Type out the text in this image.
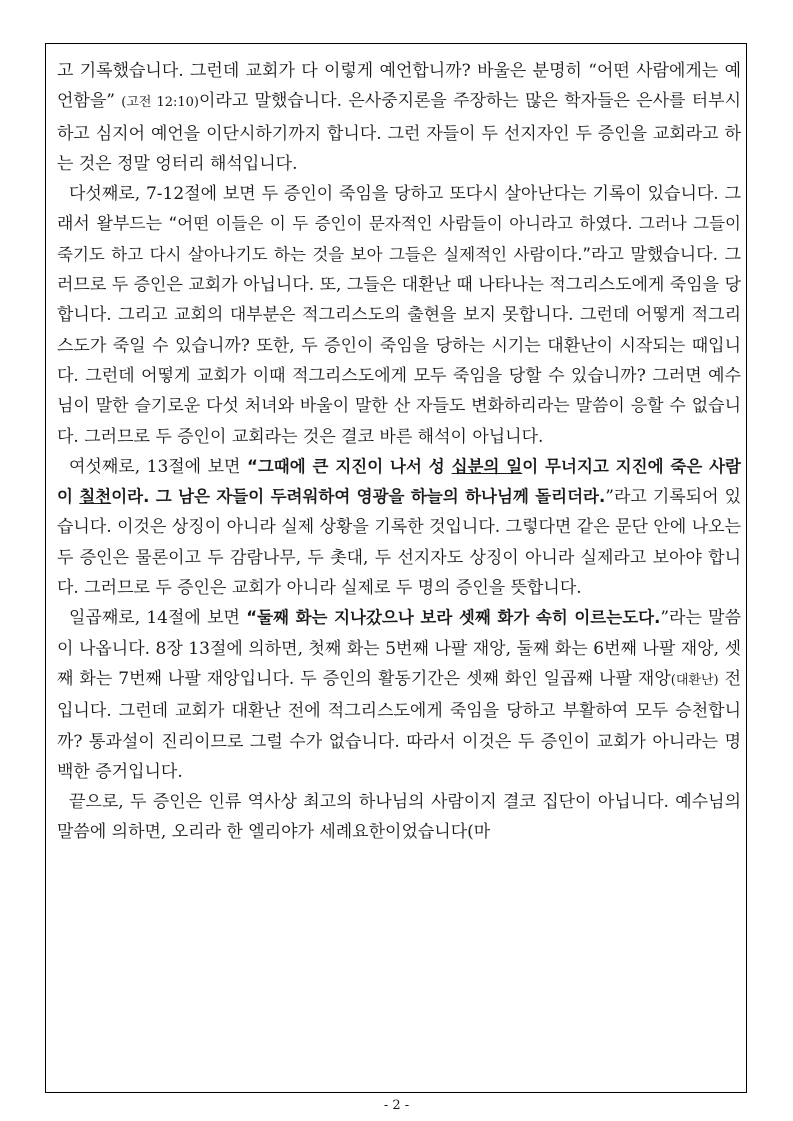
고 기록했습니다. 그런데 교회가 다 이렇게 예언합니까? 바울은 분명히 “어떤 사람에게는 예언함을” (고전 12:10)이라고 말했습니다. 은사중지론을 주장하는 많은 학자들은 은사를 터부시하고 심지어 예언을 이단시하기까지 합니다. 그런 자들이 두 선지자인 두 증인을 교회라고 하는 것은 정말 엉터리 해석입니다.

다섯째로, 7-12절에 보면 두 증인이 죽임을 당하고 또다시 살아난다는 기록이 있습니다. 그래서 왈부드는 “어떤 이들은 이 두 증인이 문자적인 사람들이 아니라고 하였다. 그러나 그들이 죽기도 하고 다시 살아나기도 하는 것을 보아 그들은 실제적인 사람이다.”라고 말했습니다. 그러므로 두 증인은 교회가 아닙니다. 또, 그들은 대환난 때 나타나는 적그리스도에게 죽임을 당합니다. 그리고 교회의 대부분은 적그리스도의 출현을 보지 못합니다. 그런데 어떻게 적그리스도가 죽일 수 있습니까? 또한, 두 증인이 죽임을 당하는 시기는 대환난이 시작되는 때입니다. 그런데 어떻게 교회가 이때 적그리스도에게 모두 죽임을 당할 수 있습니까? 그러면 예수님이 말한 슬기로운 다섯 처녀와 바울이 말한 산 자들도 변화하리라는 말씀이 응할 수 없습니다. 그러므로 두 증인이 교회라는 것은 결코 바른 해석이 아닙니다.

여섯째로, 13절에 보면 “그때에 큰 지진이 나서 성 십분의 일이 무너지고 지진에 죽은 사람이 칠천이라. 그 남은 자들이 두려워하여 영광을 하늘의 하나님께 돌리더라.”라고 기록되어 있습니다. 이것은 상징이 아니라 실제 상황을 기록한 것입니다. 그렇다면 같은 문단 안에 나오는 두 증인은 물론이고 두 감람나무, 두 촛대, 두 선지자도 상징이 아니라 실제라고 보아야 합니다. 그러므로 두 증인은 교회가 아니라 실제로 두 명의 증인을 뜻합니다.

일곱째로, 14절에 보면 “둘째 화는 지나갔으나 보라 셋째 화가 속히 이르는도다.”라는 말씀이 나옵니다. 8장 13절에 의하면, 첫째 화는 5번째 나팔 재앙, 둘째 화는 6번째 나팔 재앙, 셋째 화는 7번째 나팔 재앙입니다. 두 증인의 활동기간은 셋째 화인 일곱째 나팔 재앙(대환난) 전입니다. 그런데 교회가 대환난 전에 적그리스도에게 죽임을 당하고 부활하여 모두 승천합니까? 통과설이 진리이므로 그럴 수가 없습니다. 따라서 이것은 두 증인이 교회가 아니라는 명백한 증거입니다.

끝으로, 두 증인은 인류 역사상 최고의 하나님의 사람이지 결코 집단이 아닙니다. 예수님의 말씀에 의하면, 오리라 한 엘리야가 세례요한이었습니다(마

- 2 -
